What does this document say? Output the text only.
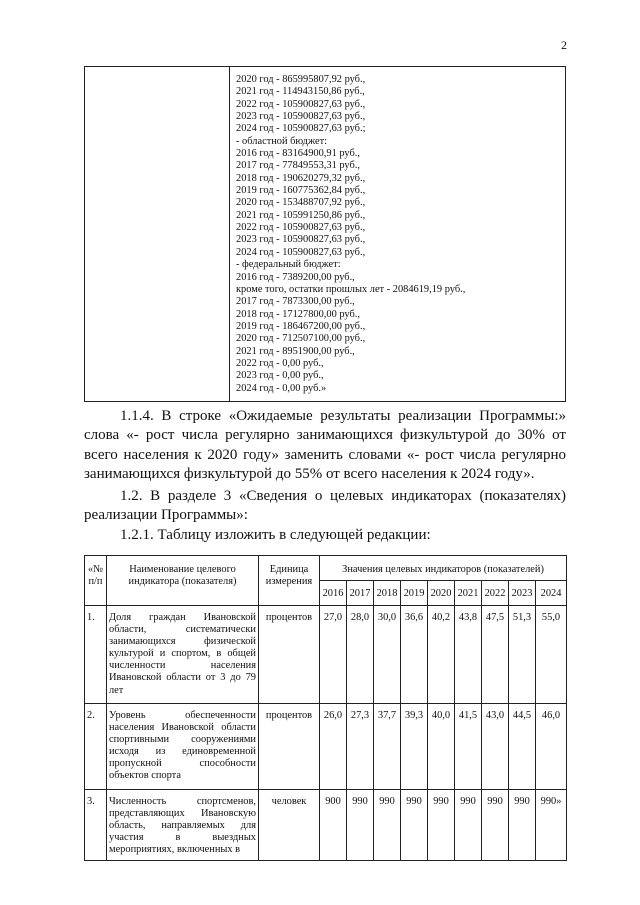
2

2020 год - 865995807,92 руб.,
2021 год - 114943150,86 руб.,
2022 год - 105900827,63 руб.,
2023 год - 105900827,63 руб.,
2024 год - 105900827,63 руб.;
- областной бюджет:
2016 год - 83164900,91 руб.,
2017 год - 77849553,31 руб.,
2018 год - 190620279,32 руб.,
2019 год - 160775362,84 руб.,
2020 год - 153488707,92 руб.,
2021 год - 105991250,86 руб.,
2022 год - 105900827,63 руб.,
2023 год - 105900827,63 руб.,
2024 год - 105900827,63 руб.,
- федеральный бюджет:
2016 год - 7389200,00 руб.,
кроме того, остатки прошлых лет - 2084619,19 руб.,
2017 год - 7873300,00 руб.,
2018 год - 17127800,00 руб.,
2019 год - 186467200,00 руб.,
2020 год - 712507100,00 руб.,
2021 год - 8951900,00 руб.,
2022 год - 0,00 руб.,
2023 год - 0,00 руб.,
2024 год - 0,00 руб.»
1.1.4. В строке «Ожидаемые результаты реализации Программы:» слова «- рост числа регулярно занимающихся физкультурой до 30% от всего населения к 2020 году» заменить словами «- рост числа регулярно занимающихся физкультурой до 55% от всего населения к 2024 году».
1.2. В разделе 3 «Сведения о целевых индикаторах (показателях) реализации Программы»:
1.2.1. Таблицу изложить в следующей редакции:
«№ п/п	Наименование целевого индикатора (показателя)	Единица измерения	Значения целевых индикаторов (показателей)								
			2016	2017	2018	2019	2020	2021	2022	2023	2024
1.	Доля граждан Ивановской области, систематически занимающихся физической культурой и спортом, в общей численности населения Ивановской области от 3 до 79 лет	процентов	27,0	28,0	30,0	36,6	40,2	43,8	47,5	51,3	55,0
2.	Уровень обеспеченности населения Ивановской области спортивными сооружениями исходя из единовременной пропускной способности объектов спорта	процентов	26,0	27,3	37,7	39,3	40,0	41,5	43,0	44,5	46,0
3.	Численность спортсменов, представляющих Ивановскую область, направляемых для участия в выездных мероприятиях, включенных в	человек	900	990	990	990	990	990	990	990	990»
